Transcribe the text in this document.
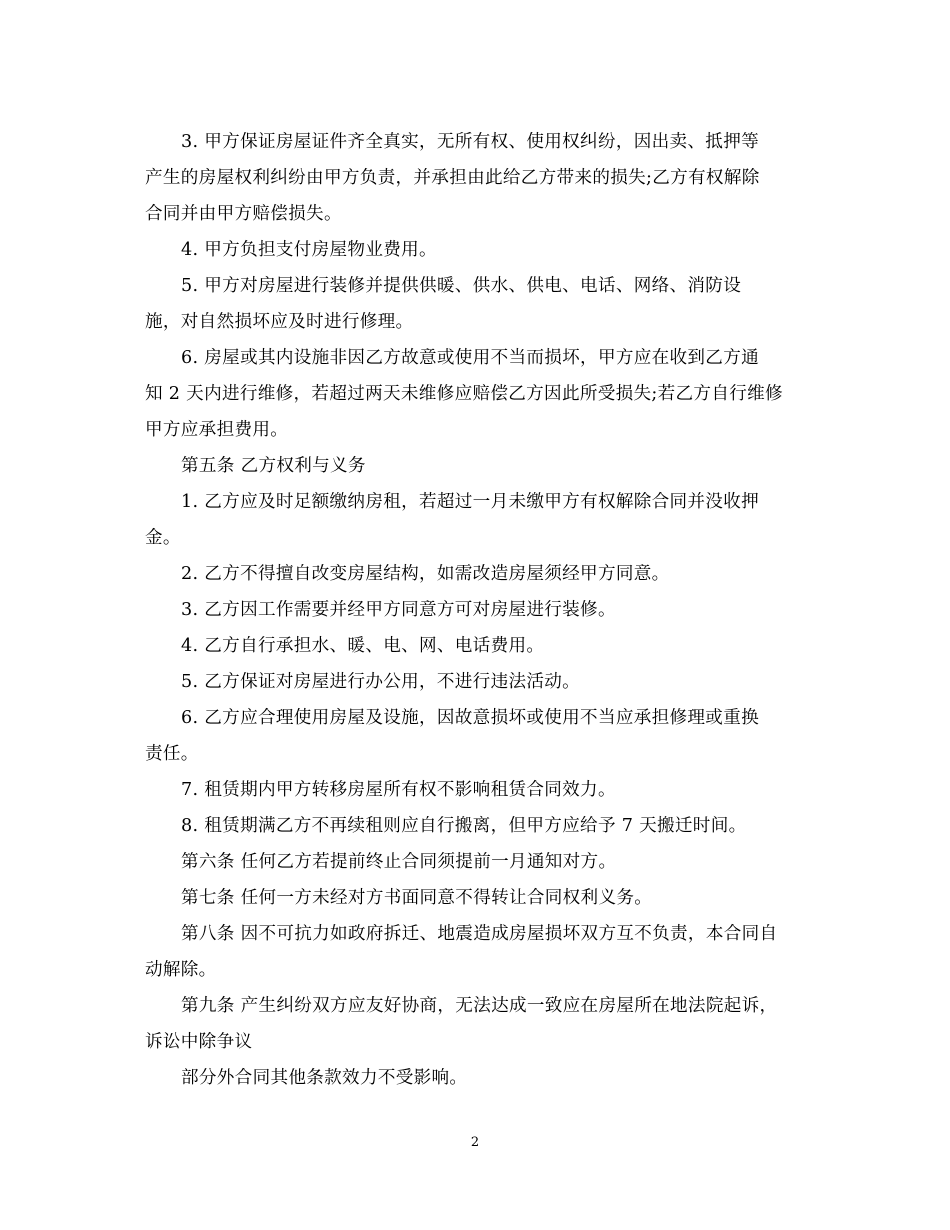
3. 甲方保证房屋证件齐全真实，无所有权、使用权纠纷，因出卖、抵押等
产生的房屋权利纠纷由甲方负责，并承担由此给乙方带来的损失;乙方有权解除
合同并由甲方赔偿损失。
4. 甲方负担支付房屋物业费用。
5. 甲方对房屋进行装修并提供供暖、供水、供电、电话、网络、消防设
施，对自然损坏应及时进行修理。
6. 房屋或其内设施非因乙方故意或使用不当而损坏，甲方应在收到乙方通
知 2 天内进行维修，若超过两天未维修应赔偿乙方因此所受损失;若乙方自行维修
甲方应承担费用。
第五条 乙方权利与义务
1. 乙方应及时足额缴纳房租，若超过一月未缴甲方有权解除合同并没收押
金。
2. 乙方不得擅自改变房屋结构，如需改造房屋须经甲方同意。
3. 乙方因工作需要并经甲方同意方可对房屋进行装修。
4. 乙方自行承担水、暖、电、网、电话费用。
5. 乙方保证对房屋进行办公用，不进行违法活动。
6. 乙方应合理使用房屋及设施，因故意损坏或使用不当应承担修理或重换
责任。
7. 租赁期内甲方转移房屋所有权不影响租赁合同效力。
8. 租赁期满乙方不再续租则应自行搬离，但甲方应给予 7 天搬迁时间。
第六条 任何乙方若提前终止合同须提前一月通知对方。
第七条 任何一方未经对方书面同意不得转让合同权利义务。
第八条 因不可抗力如政府拆迁、地震造成房屋损坏双方互不负责，本合同自
动解除。
第九条 产生纠纷双方应友好协商，无法达成一致应在房屋所在地法院起诉，
诉讼中除争议
部分外合同其他条款效力不受影响。
2
